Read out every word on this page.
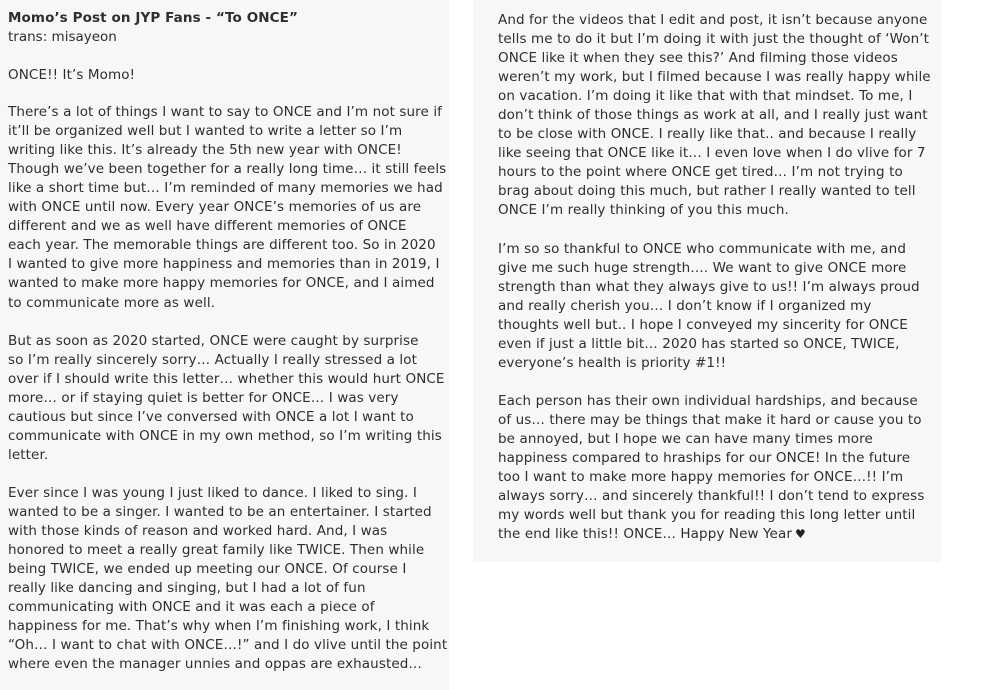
Momo’s Post on JYP Fans - “To ONCE”

trans: misayeon

ONCE!! It’s Momo!

There’s a lot of things I want to say to ONCE and I’m not sure if
it’ll be organized well but I wanted to write a letter so I’m
writing like this. It’s already the 5th new year with ONCE!
Though we’ve been together for a really long time… it still feels
like a short time but… I’m reminded of many memories we had
with ONCE until now. Every year ONCE’s memories of us are
different and we as well have different memories of ONCE
each year. The memorable things are different too. So in 2020
I wanted to give more happiness and memories than in 2019, I
wanted to make more happy memories for ONCE, and I aimed
to communicate more as well.

But as soon as 2020 started, ONCE were caught by surprise
so I’m really sincerely sorry… Actually I really stressed a lot
over if I should write this letter… whether this would hurt ONCE
more… or if staying quiet is better for ONCE… I was very
cautious but since I’ve conversed with ONCE a lot I want to
communicate with ONCE in my own method, so I’m writing this
letter.

Ever since I was young I just liked to dance. I liked to sing. I
wanted to be a singer. I wanted to be an entertainer. I started
with those kinds of reason and worked hard. And, I was
honored to meet a really great family like TWICE. Then while
being TWICE, we ended up meeting our ONCE. Of course I
really like dancing and singing, but I had a lot of fun
communicating with ONCE and it was each a piece of
happiness for me. That’s why when I’m finishing work, I think
“Oh… I want to chat with ONCE…!” and I do vlive until the point
where even the manager unnies and oppas are exhausted…

And for the videos that I edit and post, it isn’t because anyone
tells me to do it but I’m doing it with just the thought of ‘Won’t
ONCE like it when they see this?’ And filming those videos
weren’t my work, but I filmed because I was really happy while
on vacation. I’m doing it like that with that mindset. To me, I
don’t think of those things as work at all, and I really just want
to be close with ONCE. I really like that.. and because I really
like seeing that ONCE like it… I even love when I do vlive for 7
hours to the point where ONCE get tired… I’m not trying to
brag about doing this much, but rather I really wanted to tell
ONCE I’m really thinking of you this much.

I’m so so thankful to ONCE who communicate with me, and
give me such huge strength…. We want to give ONCE more
strength than what they always give to us!! I’m always proud
and really cherish you… I don’t know if I organized my
thoughts well but.. I hope I conveyed my sincerity for ONCE
even if just a little bit… 2020 has started so ONCE, TWICE,
everyone’s health is priority #1!!

Each person has their own individual hardships, and because
of us… there may be things that make it hard or cause you to
be annoyed, but I hope we can have many times more
happiness compared to hraships for our ONCE! In the future
too I want to make more happy memories for ONCE…!! I’m
always sorry… and sincerely thankful!! I don’t tend to express
my words well but thank you for reading this long letter until
the end like this!! ONCE… Happy New Year ♥
